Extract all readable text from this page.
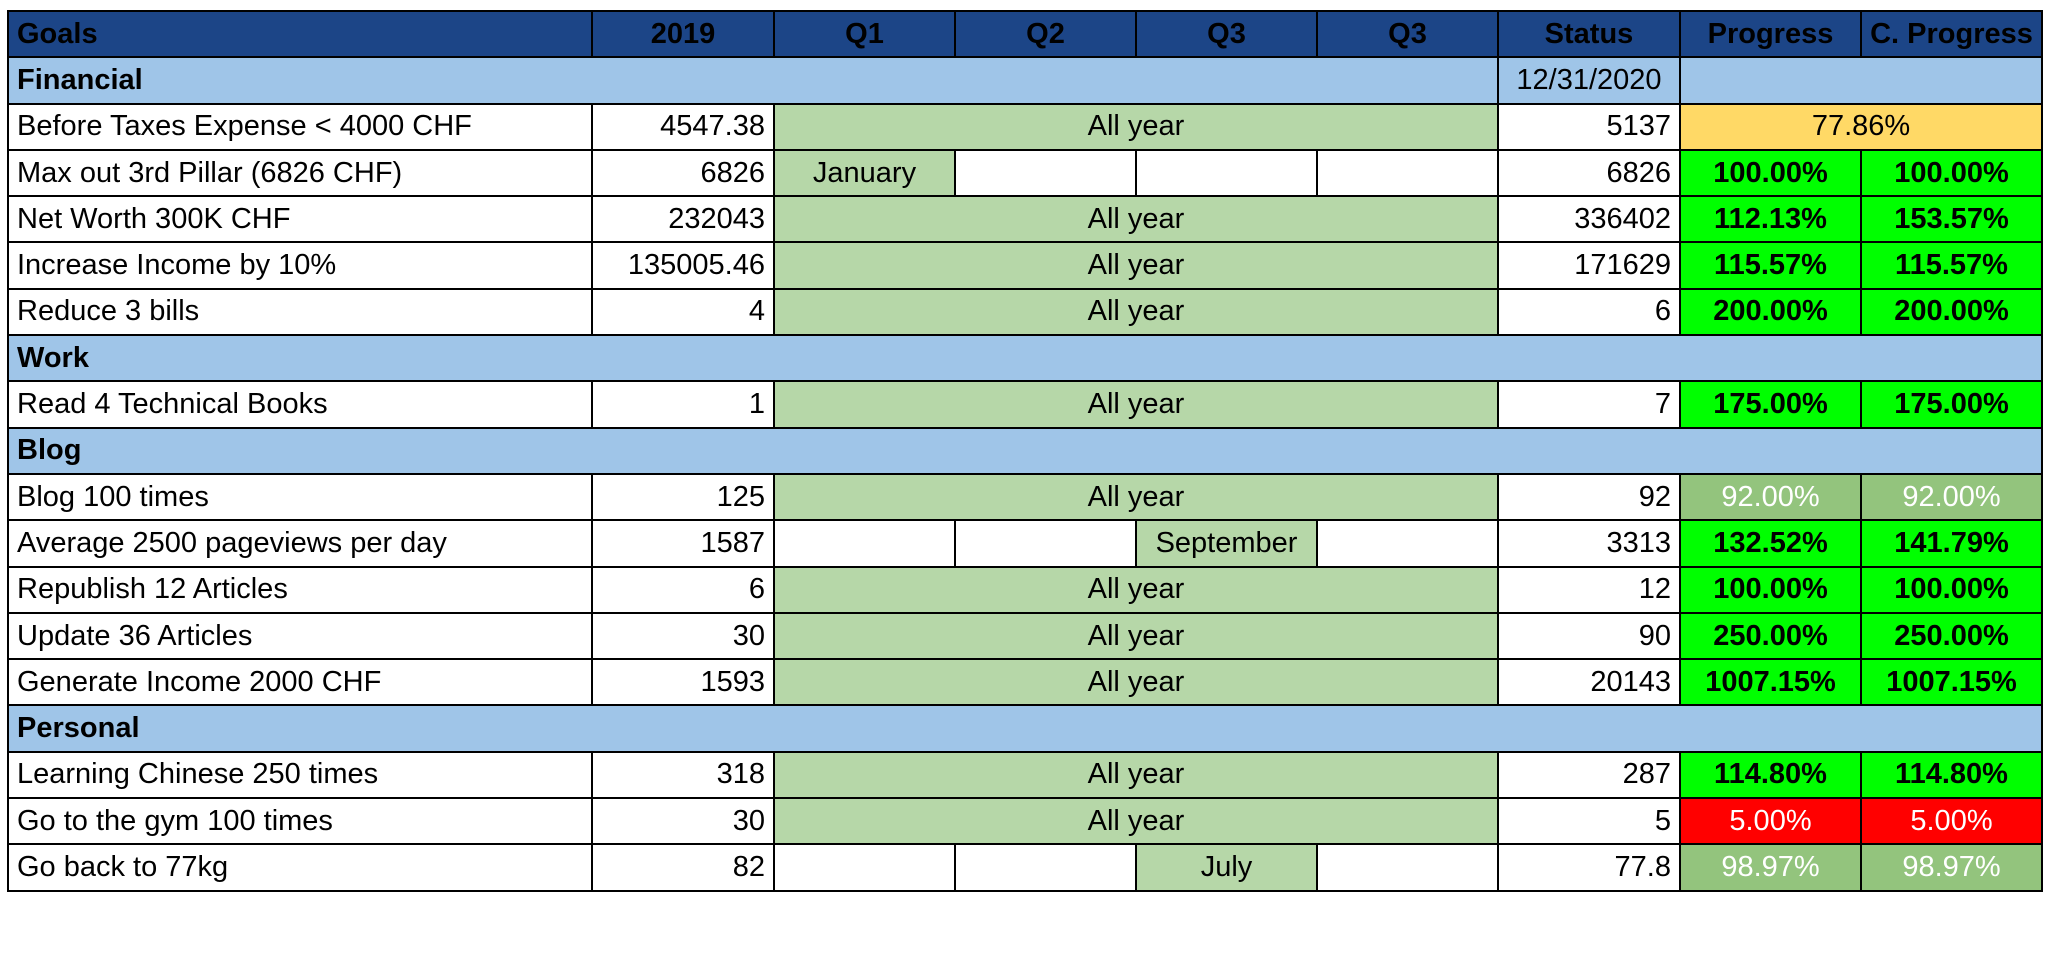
Goals	2019	Q1	Q2	Q3	Q3	Status	Progress	C. Progress
Financial						12/31/2020		
Before Taxes Expense < 4000 CHF	4547.38	All year				5137	77.86%	
Max out 3rd Pillar (6826 CHF)	6826	January				6826	100.00%	100.00%
Net Worth 300K CHF	232043	All year				336402	112.13%	153.57%
Increase Income by 10%	135005.46	All year				171629	115.57%	115.57%
Reduce 3 bills	4	All year				6	200.00%	200.00%
Work								
Read 4 Technical Books	1	All year				7	175.00%	175.00%
Blog								
Blog 100 times	125	All year				92	92.00%	92.00%
Average 2500 pageviews per day	1587			September		3313	132.52%	141.79%
Republish 12 Articles	6	All year				12	100.00%	100.00%
Update 36 Articles	30	All year				90	250.00%	250.00%
Generate Income 2000 CHF	1593	All year				20143	1007.15%	1007.15%
Personal								
Learning Chinese 250 times	318	All year				287	114.80%	114.80%
Go to the gym 100 times	30	All year				5	5.00%	5.00%
Go back to 77kg	82			July		77.8	98.97%	98.97%
